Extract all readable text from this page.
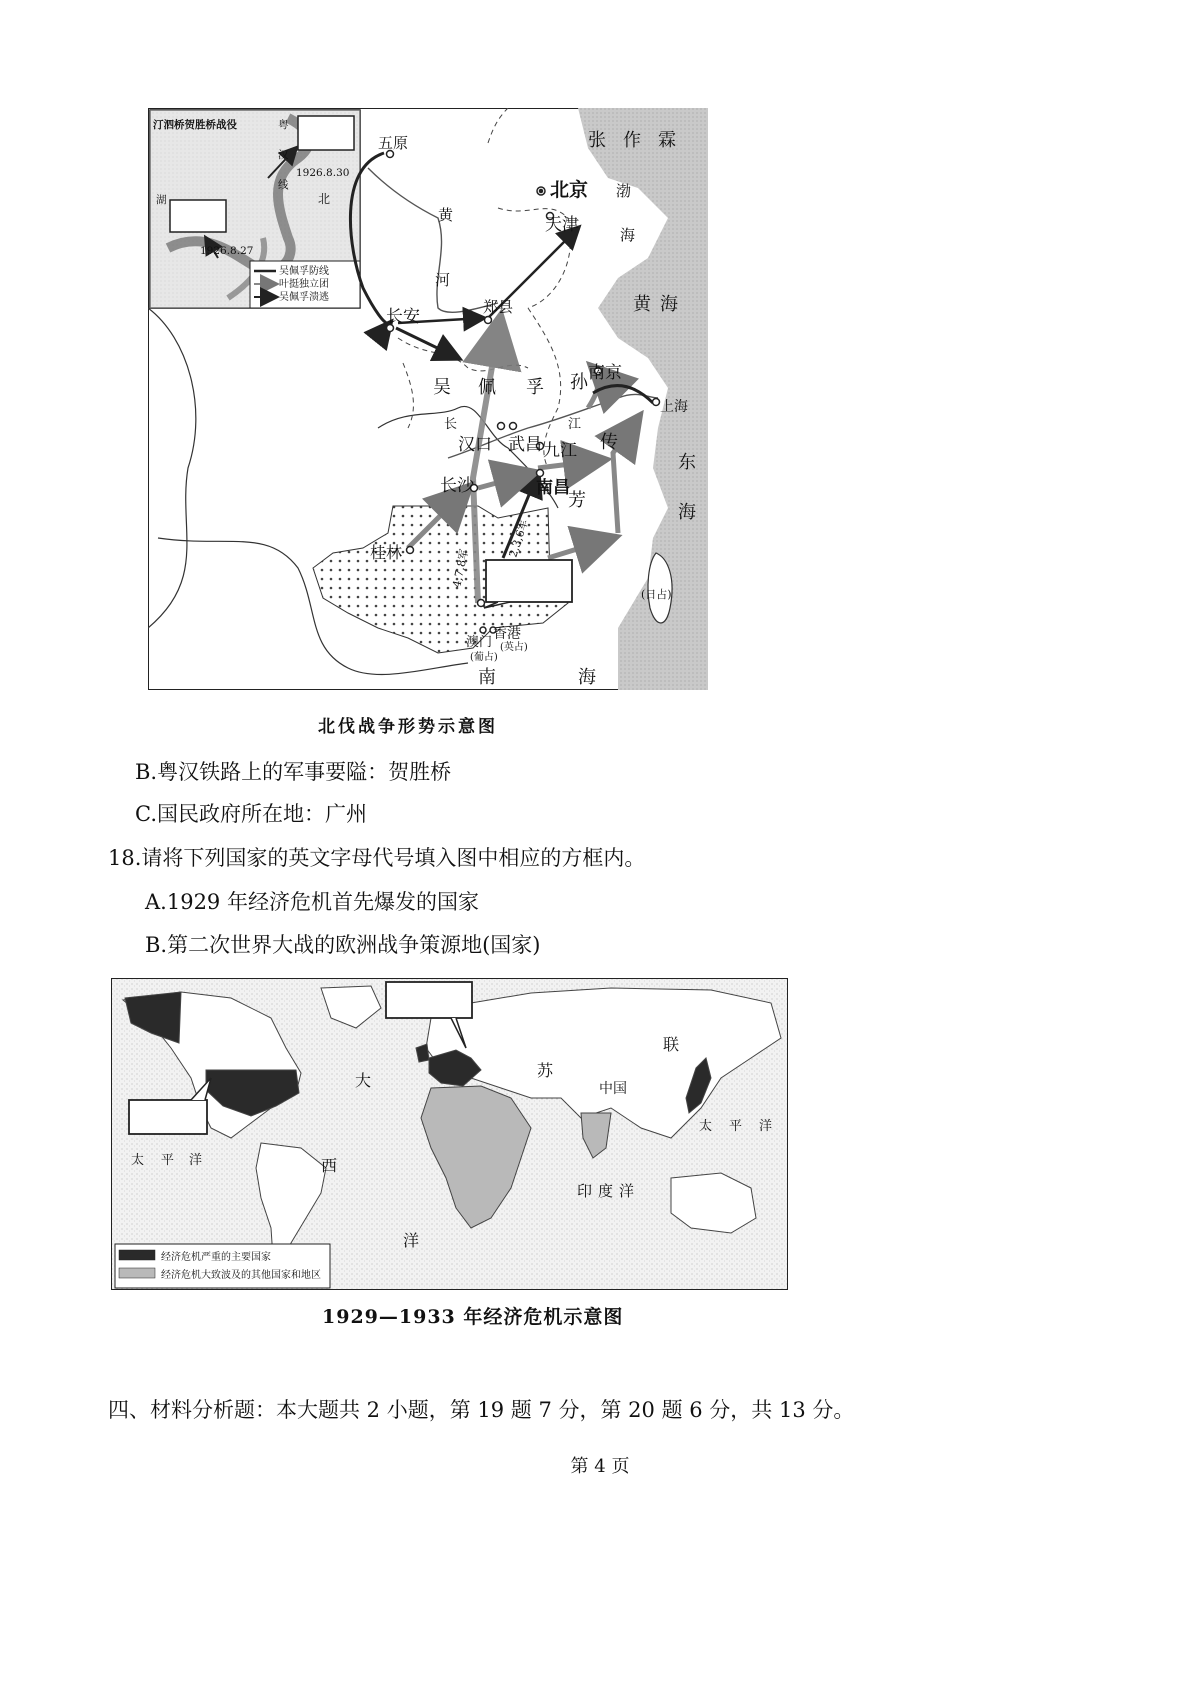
汀泗桥贺胜桥战役
1926.8.30
1926.8.27
粤
汉
线
北
湖
吴佩孚防线
叶挺独立团
吴佩孚溃逃
五原
北京
天津
长安	郑县
南京
上海
汉口 武昌 九江
长沙	南昌
桂林
澳门
(葡占)
香港
(英占)
(日占)
张 作 霖
吴 佩 孚 孙
传
芳
黄
河
长	江
渤
海
黄 海
东
海
南	海
4,7,8军
2,3,6军
北伐战争形势示意图
B.粤汉铁路上的军事要隘：贺胜桥
C.国民政府所在地：广州
18.请将下列国家的英文字母代号填入图中相应的方框内。
A.1929 年经济危机首先爆发的国家
B.第二次世界大战的欧洲战争策源地(国家)
苏
联
中国
大
西
洋
太 平 洋
太 平 洋
印度洋
经济危机严重的主要国家
经济危机大致波及的其他国家和地区
1929—1933 年经济危机示意图
四、材料分析题：本大题共 2 小题，第 19 题 7 分，第 20 题 6 分，共 13 分。
第 4 页
